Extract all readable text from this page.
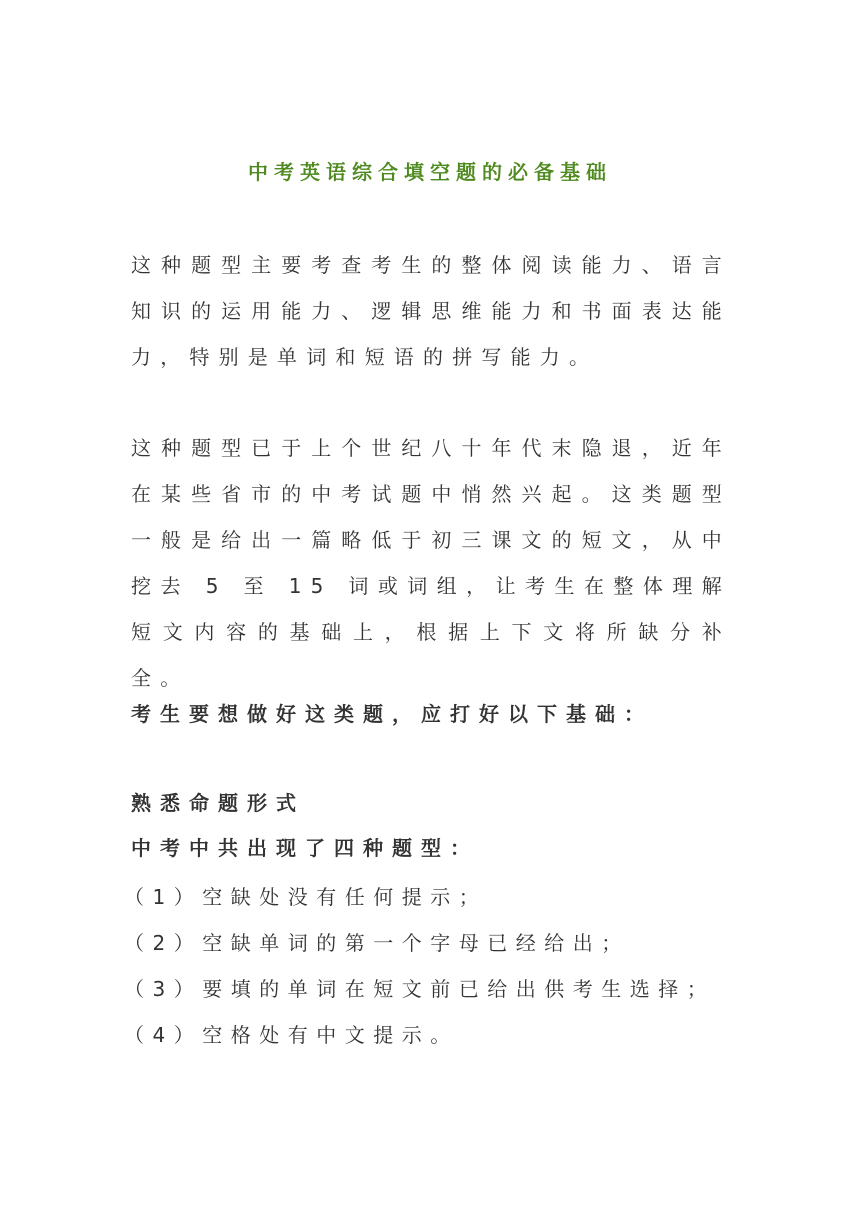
中考英语综合填空题的必备基础
这种题型主要考查考生的整体阅读能力、语言知识的运用能力、逻辑思维能力和书面表达能力，特别是单词和短语的拼写能力。
这种题型已于上个世纪八十年代末隐退，近年在某些省市的中考试题中悄然兴起。这类题型一般是给出一篇略低于初三课文的短文，从中挖去 5 至 15 词或词组，让考生在整体理解短文内容的基础上，根据上下文将所缺分补全。
考生要想做好这类题，应打好以下基础：
熟悉命题形式
中考中共出现了四种题型：
（1）空缺处没有任何提示；
（2）空缺单词的第一个字母已经给出；
（3）要填的单词在短文前已给出供考生选择；
（4）空格处有中文提示。
